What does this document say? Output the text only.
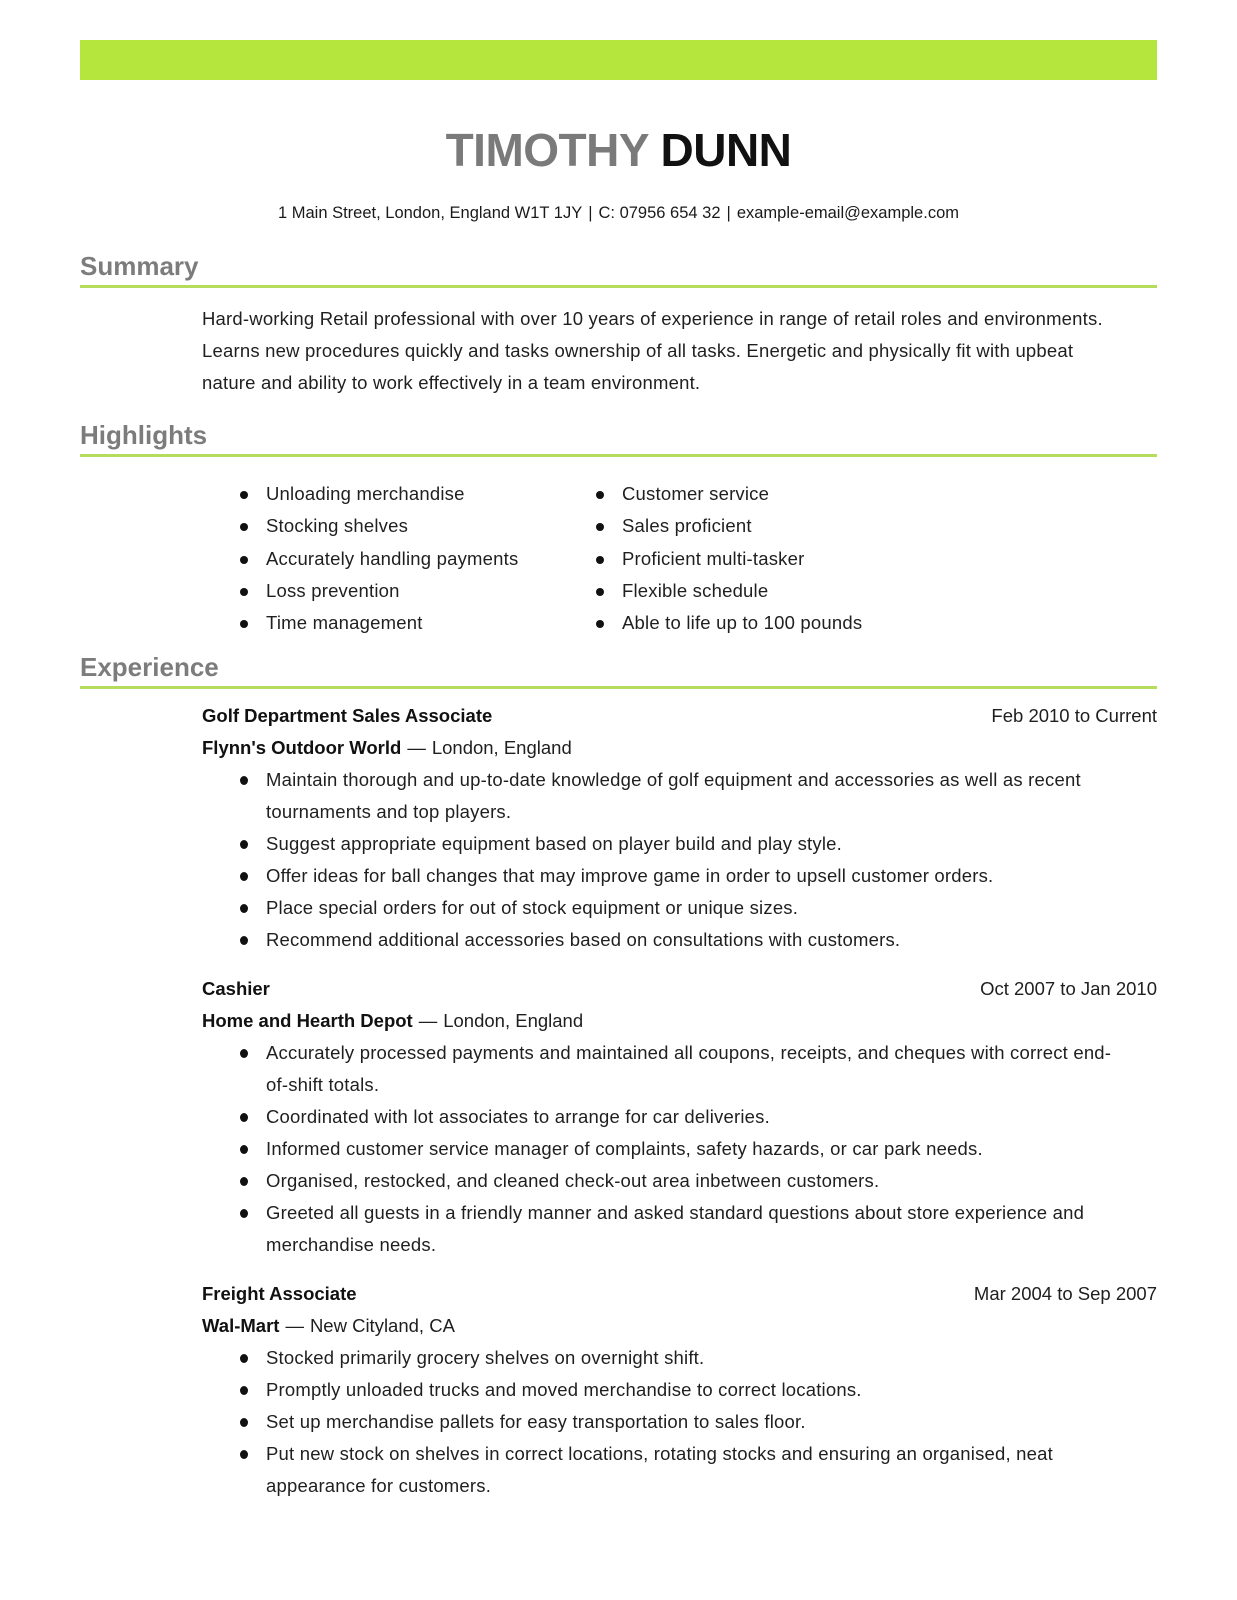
TIMOTHY DUNN
1 Main Street, London, England W1T 1JY | C: 07956 654 32 | example-email@example.com
Summary

Hard-working Retail professional with over 10 years of experience in range of retail roles and environments. Learns new procedures quickly and tasks ownership of all tasks. Energetic and physically fit with upbeat nature and ability to work effectively in a team environment.

Highlights
Unloading merchandise
Stocking shelves
Accurately handling payments
Loss prevention
Time management
Customer service
Sales proficient
Proficient multi-tasker
Flexible schedule
Able to life up to 100 pounds
Experience
Golf Department Sales Associate	Feb 2010 to Current
Flynn's Outdoor World — London, England
Maintain thorough and up-to-date knowledge of golf equipment and accessories as well as recent tournaments and top players.
Suggest appropriate equipment based on player build and play style.
Offer ideas for ball changes that may improve game in order to upsell customer orders.
Place special orders for out of stock equipment or unique sizes.
Recommend additional accessories based on consultations with customers.
Cashier	Oct 2007 to Jan 2010
Home and Hearth Depot — London, England
Accurately processed payments and maintained all coupons, receipts, and cheques with correct end-of-shift totals.
Coordinated with lot associates to arrange for car deliveries.
Informed customer service manager of complaints, safety hazards, or car park needs.
Organised, restocked, and cleaned check-out area inbetween customers.
Greeted all guests in a friendly manner and asked standard questions about store experience and merchandise needs.
Freight Associate	Mar 2004 to Sep 2007
Wal-Mart — New Cityland, CA
Stocked primarily grocery shelves on overnight shift.
Promptly unloaded trucks and moved merchandise to correct locations.
Set up merchandise pallets for easy transportation to sales floor.
Put new stock on shelves in correct locations, rotating stocks and ensuring an organised, neat appearance for customers.
